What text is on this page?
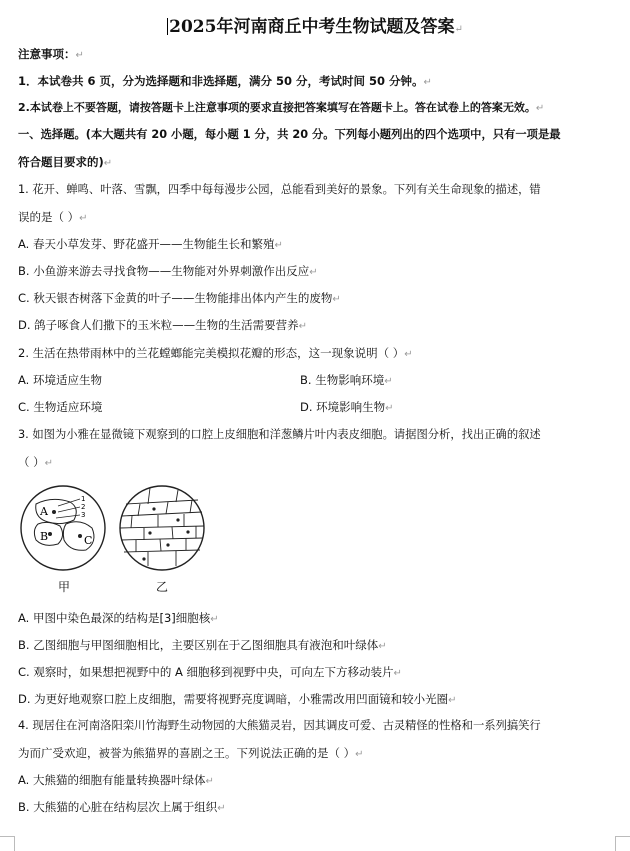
2025年河南商丘中考生物试题及答案↵
注意事项：↵
1．本试卷共 6 页，分为选择题和非选择题，满分 50 分，考试时间 50 分钟。↵
2.本试卷上不要答题，请按答题卡上注意事项的要求直接把答案填写在答题卡上。答在试卷上的答案无效。↵
一、选择题。(本大题共有 20 小题，每小题 1 分，共 20 分。下列每小题列出的四个选项中，只有一项是最
符合题目要求的)↵
1. 花开、蝉鸣、叶落、雪飘，四季中每每漫步公园，总能看到美好的景象。下列有关生命现象的描述，错
误的是（ ）↵
A. 春天小草发芽、野花盛开——生物能生长和繁殖↵
B. 小鱼游来游去寻找食物——生物能对外界刺激作出反应↵
C. 秋天银杏树落下金黄的叶子——生物能排出体内产生的废物↵
D. 鸽子啄食人们撒下的玉米粒——生物的生活需要营养↵
2. 生活在热带雨林中的兰花螳螂能完美模拟花瓣的形态，这一现象说明（ ）↵
A. 环境适应生物	B. 生物影响环境↵
C. 生物适应环境	D. 环境影响生物↵
3. 如图为小雅在显微镜下观察到的口腔上皮细胞和洋葱鳞片叶内表皮细胞。请据图分析，找出正确的叙述
（ ）↵
A
B	C
1
2
3
甲	乙
A. 甲图中染色最深的结构是[3]细胞核↵
B. 乙图细胞与甲图细胞相比，主要区别在于乙图细胞具有液泡和叶绿体↵
C. 观察时，如果想把视野中的 A 细胞移到视野中央，可向左下方移动装片↵
D. 为更好地观察口腔上皮细胞，需要将视野亮度调暗，小雅需改用凹面镜和较小光圈↵
4. 现居住在河南洛阳栾川竹海野生动物园的大熊猫灵岩，因其调皮可爱、古灵精怪的性格和一系列搞笑行
为而广受欢迎，被誉为熊猫界的喜剧之王。下列说法正确的是（ ）↵
A. 大熊猫的细胞有能量转换器叶绿体↵
B. 大熊猫的心脏在结构层次上属于组织↵
